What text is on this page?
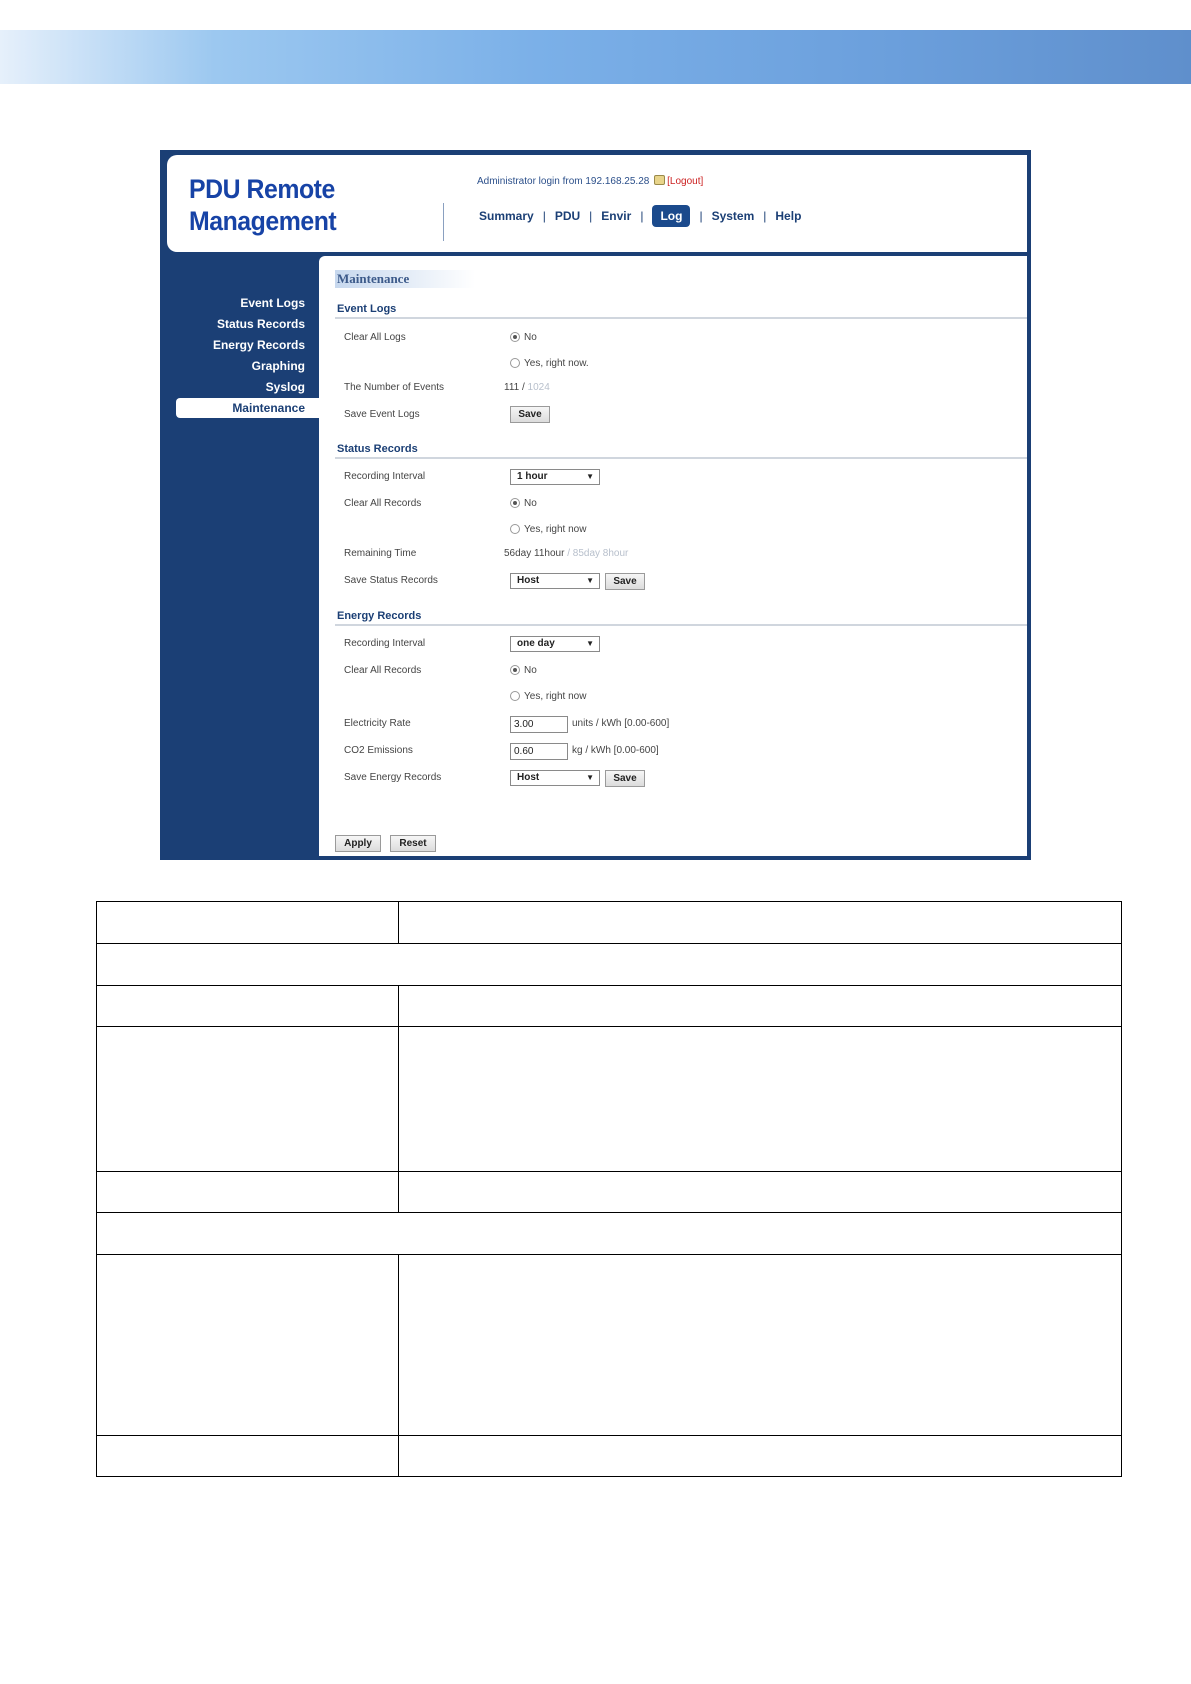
PDU Remote
Management
Administrator login from 192.168.25.28 [Logout]
Summary | PDU | Envir |	Log	| System | Help
Event Logs
Status Records
Energy Records
Graphing
Syslog
Maintenance
Maintenance
Event Logs
Clear All Logs	No
Yes, right now.
The Number of Events	111 / 1024
Save Event Logs	Save
Status Records
Recording Interval	1 hour	▼
Clear All Records	No
Yes, right now
Remaining Time	56day 11hour / 85day 8hour
Save Status Records	Host	▼	Save
Energy Records
Recording Interval	one day	▼
Clear All Records	No
Yes, right now
Electricity Rate	3.00	units / kWh [0.00-600]
CO2 Emissions	0.60	kg / kWh [0.00-600]
Save Energy Records	Host	▼	Save
Apply	Reset
